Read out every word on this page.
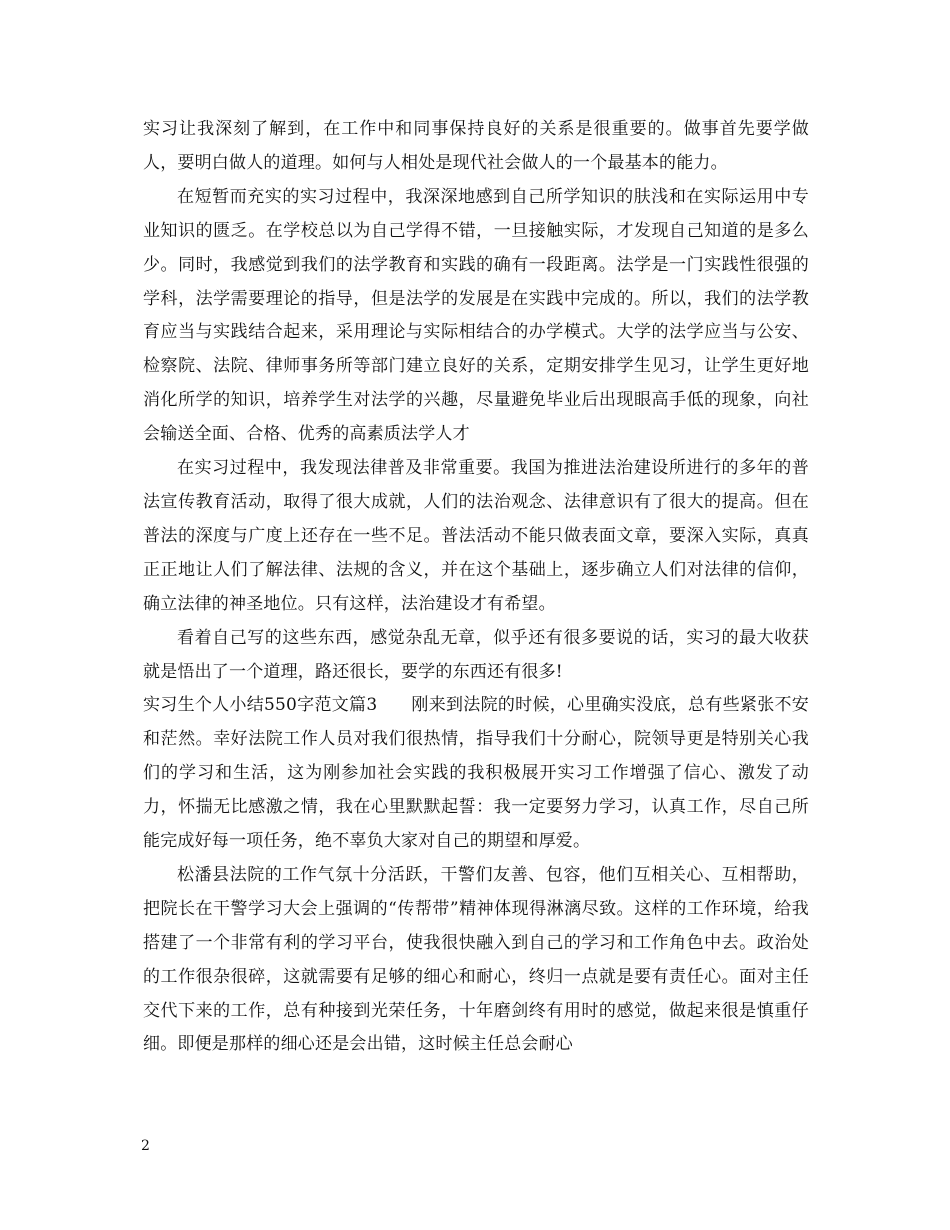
实习让我深刻了解到，在工作中和同事保持良好的关系是很重要的。做事首先要学做人，要明白做人的道理。如何与人相处是现代社会做人的一个最基本的能力。

在短暂而充实的实习过程中，我深深地感到自己所学知识的肤浅和在实际运用中专业知识的匮乏。在学校总以为自己学得不错，一旦接触实际，才发现自己知道的是多么少。同时，我感觉到我们的法学教育和实践的确有一段距离。法学是一门实践性很强的学科，法学需要理论的指导，但是法学的发展是在实践中完成的。所以，我们的法学教育应当与实践结合起来，采用理论与实际相结合的办学模式。大学的法学应当与公安、检察院、法院、律师事务所等部门建立良好的关系，定期安排学生见习，让学生更好地消化所学的知识，培养学生对法学的兴趣，尽量避免毕业后出现眼高手低的现象，向社会输送全面、合格、优秀的高素质法学人才

在实习过程中，我发现法律普及非常重要。我国为推进法治建设所进行的多年的普法宣传教育活动，取得了很大成就，人们的法治观念、法律意识有了很大的提高。但在普法的深度与广度上还存在一些不足。普法活动不能只做表面文章，要深入实际，真真正正地让人们了解法律、法规的含义，并在这个基础上，逐步确立人们对法律的信仰，确立法律的神圣地位。只有这样，法治建设才有希望。

看着自己写的这些东西，感觉杂乱无章，似乎还有很多要说的话，实习的最大收获就是悟出了一个道理，路还很长，要学的东西还有很多!

实习生个人小结550字范文篇3 刚来到法院的时候，心里确实没底，总有些紧张不安和茫然。幸好法院工作人员对我们很热情，指导我们十分耐心，院领导更是特别关心我们的学习和生活，这为刚参加社会实践的我积极展开实习工作增强了信心、激发了动力，怀揣无比感激之情，我在心里默默起誓：我一定要努力学习，认真工作，尽自己所能完成好每一项任务，绝不辜负大家对自己的期望和厚爱。

松潘县法院的工作气氛十分活跃，干警们友善、包容，他们互相关心、互相帮助，把院长在干警学习大会上强调的“传帮带”精神体现得淋漓尽致。这样的工作环境，给我搭建了一个非常有利的学习平台，使我很快融入到自己的学习和工作角色中去。政治处的工作很杂很碎，这就需要有足够的细心和耐心，终归一点就是要有责任心。面对主任交代下来的工作，总有种接到光荣任务，十年磨剑终有用时的感觉，做起来很是慎重仔细。即便是那样的细心还是会出错，这时候主任总会耐心

2
